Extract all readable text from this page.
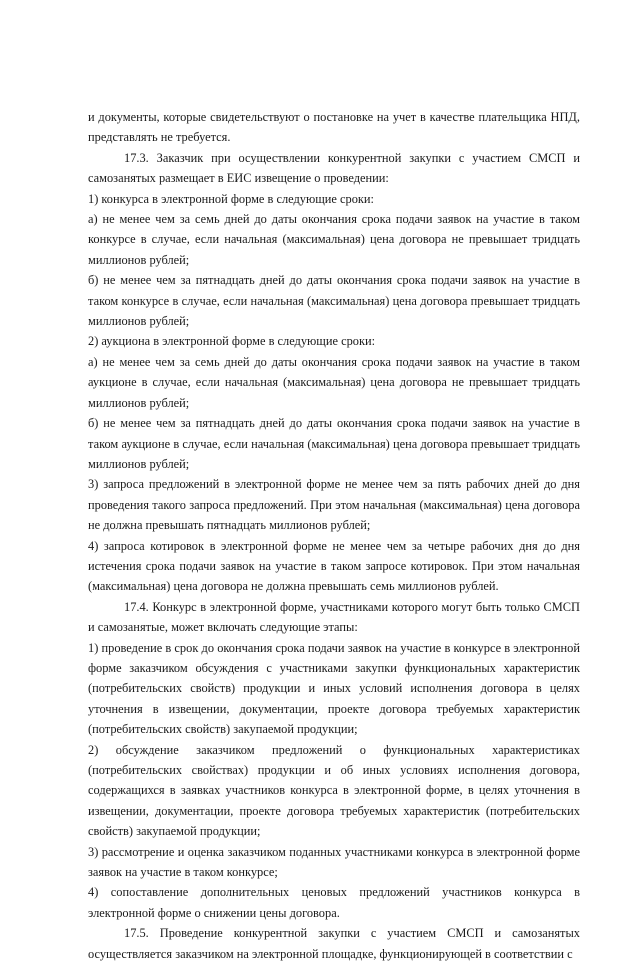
и документы, которые свидетельствуют о постановке на учет в качестве плательщика НПД, представлять не требуется.

17.3. Заказчик при осуществлении конкурентной закупки с участием СМСП и самозанятых размещает в ЕИС извещение о проведении:

1) конкурса в электронной форме в следующие сроки:

а) не менее чем за семь дней до даты окончания срока подачи заявок на участие в таком конкурсе в случае, если начальная (максимальная) цена договора не превышает тридцать миллионов рублей;

б) не менее чем за пятнадцать дней до даты окончания срока подачи заявок на участие в таком конкурсе в случае, если начальная (максимальная) цена договора превышает тридцать миллионов рублей;

2) аукциона в электронной форме в следующие сроки:

а) не менее чем за семь дней до даты окончания срока подачи заявок на участие в таком аукционе в случае, если начальная (максимальная) цена договора не превышает тридцать миллионов рублей;

б) не менее чем за пятнадцать дней до даты окончания срока подачи заявок на участие в таком аукционе в случае, если начальная (максимальная) цена договора превышает тридцать миллионов рублей;

3) запроса предложений в электронной форме не менее чем за пять рабочих дней до дня проведения такого запроса предложений. При этом начальная (максимальная) цена договора не должна превышать пятнадцать миллионов рублей;

4) запроса котировок в электронной форме не менее чем за четыре рабочих дня до дня истечения срока подачи заявок на участие в таком запросе котировок. При этом начальная (максимальная) цена договора не должна превышать семь миллионов рублей.

17.4. Конкурс в электронной форме, участниками которого могут быть только СМСП и самозанятые, может включать следующие этапы:

1) проведение в срок до окончания срока подачи заявок на участие в конкурсе в электронной форме заказчиком обсуждения с участниками закупки функциональных характеристик (потребительских свойств) продукции и иных условий исполнения договора в целях уточнения в извещении, документации, проекте договора требуемых характеристик (потребительских свойств) закупаемой продукции;

2) обсуждение заказчиком предложений о функциональных характеристиках (потребительских свойствах) продукции и об иных условиях исполнения договора, содержащихся в заявках участников конкурса в электронной форме, в целях уточнения в извещении, документации, проекте договора требуемых характеристик (потребительских свойств) закупаемой продукции;

3) рассмотрение и оценка заказчиком поданных участниками конкурса в электронной форме заявок на участие в таком конкурсе;

4) сопоставление дополнительных ценовых предложений участников конкурса в электронной форме о снижении цены договора.

17.5. Проведение конкурентной закупки с участием СМСП и самозанятых осуществляется заказчиком на электронной площадке, функционирующей в соответствии с
